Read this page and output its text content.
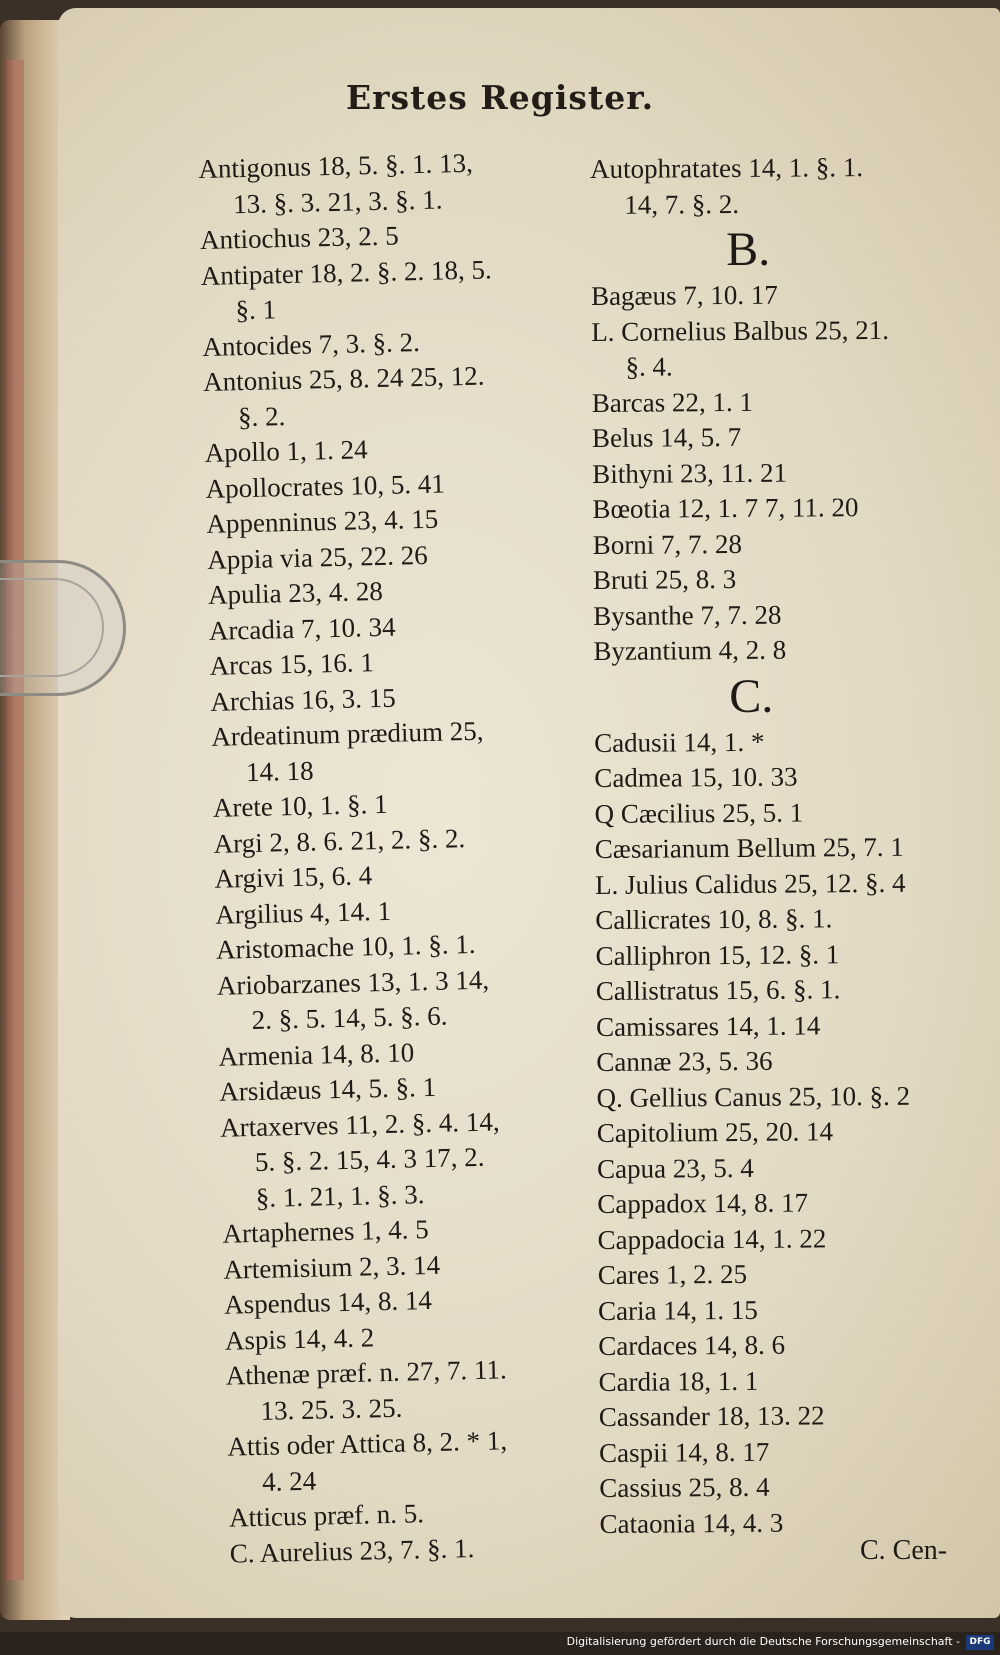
Erstes Register.
Antigonus 18, 5. §. 1. 13,
13. §. 3. 21, 3. §. 1.
Antiochus 23, 2. 5
Antipater 18, 2. §. 2. 18, 5.
§. 1
Antocides 7, 3. §. 2.
Antonius 25, 8. 24 25, 12.
§. 2.
Apollo 1, 1. 24
Apollocrates 10, 5. 41
Appenninus 23, 4. 15
Appia via 25, 22. 26
Apulia 23, 4. 28
Arcadia 7, 10. 34
Arcas 15, 16. 1
Archias 16, 3. 15
Ardeatinum prædium 25,
14. 18
Arete 10, 1. §. 1
Argi 2, 8. 6. 21, 2. §. 2.
Argivi 15, 6. 4
Argilius 4, 14. 1
Aristomache 10, 1. §. 1.
Ariobarzanes 13, 1. 3 14,
2. §. 5. 14, 5. §. 6.
Armenia 14, 8. 10
Arsidæus 14, 5. §. 1
Artaxerves 11, 2. §. 4. 14,
5. §. 2. 15, 4. 3 17, 2.
§. 1. 21, 1. §. 3.
Artaphernes 1, 4. 5
Artemisium 2, 3. 14
Aspendus 14, 8. 14
Aspis 14, 4. 2
Athenæ præf. n. 27, 7. 11.
13. 25. 3. 25.
Attis oder Attica 8, 2. * 1,
4. 24
Atticus præf. n. 5.
C. Aurelius 23, 7. §. 1.
Autophratates 14, 1. §. 1.
14, 7. §. 2.
B.
Bagæus 7, 10. 17
L. Cornelius Balbus 25, 21.
§. 4.
Barcas 22, 1. 1
Belus 14, 5. 7
Bithyni 23, 11. 21
Bœotia 12, 1. 7 7, 11. 20
Borni 7, 7. 28
Bruti 25, 8. 3
Bysanthe 7, 7. 28
Byzantium 4, 2. 8
C.
Cadusii 14, 1. *
Cadmea 15, 10. 33
Q Cæcilius 25, 5. 1
Cæsarianum Bellum 25, 7. 1
L. Julius Calidus 25, 12. §. 4
Callicrates 10, 8. §. 1.
Calliphron 15, 12. §. 1
Callistratus 15, 6. §. 1.
Camissares 14, 1. 14
Cannæ 23, 5. 36
Q. Gellius Canus 25, 10. §. 2
Capitolium 25, 20. 14
Capua 23, 5. 4
Cappadox 14, 8. 17
Cappadocia 14, 1. 22
Cares 1, 2. 25
Caria 14, 1. 15
Cardaces 14, 8. 6
Cardia 18, 1. 1
Cassander 18, 13. 22
Caspii 14, 8. 17
Cassius 25, 8. 4
Cataonia 14, 4. 3
C. Cen-
Digitalisierung gefördert durch die Deutsche Forschungsgemeinschaft -	DFG
